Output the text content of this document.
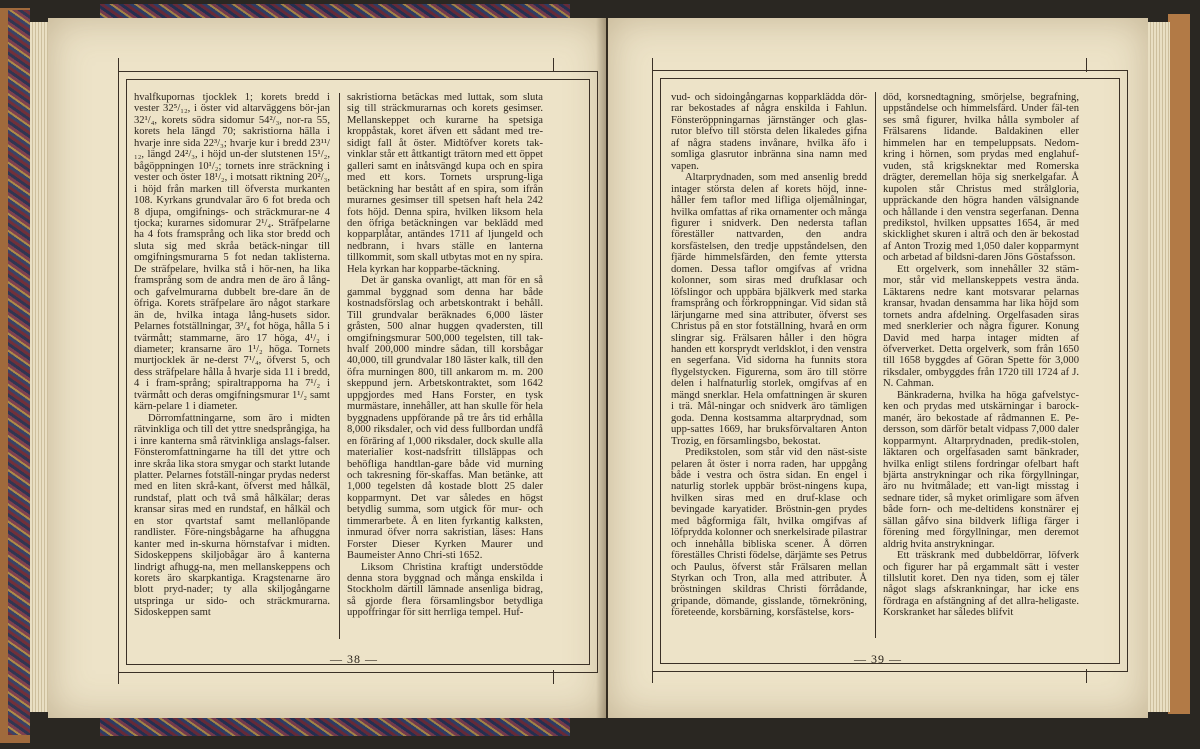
hvalfkupornas tjocklek 1; korets bredd i vester 32⁵/₁₂, i öster vid altarväggens bör-jan 32¹/₄, korets södra sidomur 54²/₃, nor-ra 55, korets hela längd 70; sakristiorna hälla i hvarje inre sida 22³/₃; hvarje kur i bredd 23¹¹/₁₂, längd 24²/₃, i höjd un-der slutstenen 15¹/₂, bågöppningen 10¹/₂; tornets inre sträckning i vester och öster 18¹/₂, i motsatt riktning 20²/₃, i höjd från marken till öfversta murkanten 108. Kyrkans grundvalar äro 6 fot breda och 8 djupa, omgifnings- och sträckmurar-ne 4 tjocka; kurarnes sidomurar 2¹/₄. Sträfpelarne ha 4 fots framsprång och lika stor bredd och sluta sig med skråa betäck-ningar till omgifningsmurarna 5 fot nedan taklisterna. De sträfpelare, hvilka stå i hör-nen, ha lika framsprång som de andra men de äro å lång- och gafvelmurarna dubbelt bre-dare än de öfriga. Korets sträfpelare äro något starkare än de, hvilka intaga lång-husets sidor. Pelarnes fotställningar, 3³/₄ fot höga, hålla 5 i tvärmått; stammarne, äro 17 höga, 4¹/₂ i diameter; kransarne äro 1¹/₂ höga. Tornets murtjocklek är ne-derst 7¹/₄, öfverst 5, och dess sträfpelare hålla å hvarje sida 11 i bredd, 4 i fram-språng; spiraltrapporna ha 7¹/₂ i tvärmått och deras omgifningsmurar 1¹/₂ samt kärn-pelare 1 i diameter.

Dörromfattningarne, som äro i midten rätvinkliga och till det yttre snedsprångiga, ha i inre kanterna små rätvinkliga anslags-falser. Fönsteromfattningarne ha till det yttre och inre skråa lika stora smygar och starkt lutande platter. Pelarnes fotställ-ningar prydas nederst med en liten skrå-kant, öfverst med hålkäl, rundstaf, platt och två små hålkälar; deras kransar siras med en rundstaf, en hålkäl och en stor qvartstaf samt mellanlöpande randlister. Före-ningsbågarne ha afhuggna kanter med in-skurna hörnstafvar i midten. Sidoskeppens skiljobågar äro å kanterna lindrigt afhugg-na, men mellanskeppens och korets äro skarpkantiga. Kragstenarne äro blott pryd-nader; ty alla skiljogångarne utspringa ur sido- och sträckmurarna. Sidoskeppen samt

sakristiorna betäckas med luttak, som sluta sig till sträckmurarnas och korets gesimser. Mellanskeppet och kurarne ha spetsiga kroppåstak, koret äfven ett sådant med tre-sidigt fall åt öster. Midtöfver korets tak-vinklar står ett åttkantigt trätorn med ett öppet galleri samt en inåtsvängd kupa och en spira med ett kors. Tornets ursprung-liga betäckning har bestått af en spira, som ifrån murarnes gesimser till spetsen haft hela 242 fots höjd. Denna spira, hvilken liksom hela den öfriga betäckningen var beklädd med kopparplåtar, antändes 1711 af ljungeld och nedbrann, i hvars ställe en lanterna tillkommit, som skall utbytas mot en ny spira. Hela kyrkan har kopparbe-täckning.

Det är ganska ovanligt, att man för en så gammal byggnad som denna har både kostnadsförslag och arbetskontrakt i behåll. Till grundvalar beräknades 6,000 läster gråsten, 500 alnar huggen qvadersten, till omgifningsmurar 500,000 tegelsten, till tak-hvalf 200,000 mindre sådan, till korsbågar 40,000, till grundvalar 180 läster kalk, till den öfra murningen 800, till ankarom m. m. 200 skeppund jern. Arbetskontraktet, som 1642 uppgjordes med Hans Forster, en tysk murmästare, innehåller, att han skulle för hela byggnadens uppförande på tre års tid erhålla 8,000 riksdaler, och vid dess fullbordan undfå en förāring af 1,000 riksdaler, dock skulle alla materialier kost-nadsfritt tillsläppas och behöfliga handtlan-gare både vid murning och takresning för-skaffas. Man betänke, att 1,000 tegelsten då kostade blott 25 daler kopparmynt. Det var således en högst betydlig summa, som utgick för mur- och timmerarbete. Å en liten fyrkantig kalksten, inmurad öfver norra sakristian, läses: Hans Forster Dieser Kyrken Maurer und Baumeister Anno Chri-sti 1652.

Liksom Christina kraftigt understödde denna stora byggnad och många enskilda i Stockholm därtill lämnade ansenliga bidrag, så gjorde flera församlingsbor betydliga uppoffringar för sitt herrliga tempel. Huf-

— 38 —

vud- och sidoingångarnas kopparklädda dör-rar bekostades af några enskilda i Fahlun. Fönsteröppningarnas järnstänger och glas-rutor blefvo till största delen likaledes gifna af några stadens invånare, hvilka äfo i somliga glasrutor inbränna sina namn med vapen.

Altarprydnaden, som med ansenlig bredd intager största delen af korets höjd, inne-håller fem taflor med lifliga oljemålningar, hvilka omfattas af rika ornamenter och många figurer i snidverk. Den nedersta taflan föreställer nattvarden, den andra korsfästelsen, den tredje uppståndelsen, den fjärde himmelsfärden, den femte yttersta domen. Dessa taflor omgifvas af vridna kolonner, som siras med drufklasar och löfslingor och uppbära bjälkverk med starka framsprång och förkroppningar. Vid sidan stå lärjungarne med sina attributer, öfverst ses Christus på en stor fotställning, hvarå en orm slingrar sig. Frälsaren håller i den högra handen ett korsprydt verldsklot, i den venstra en segerfana. Vid sidorna ha funnits stora flygelstycken. Figurerna, som äro till större delen i halfnaturlig storlek, omgifvas af en mängd snerklar. Hela omfattningen är skuren i trä. Mål-ningar och snidverk äro tämligen goda. Denna kostsamma altarprydnad, som upp-sattes 1669, har bruksförvaltaren Anton Trozig, en församlingsbo, bekostat.

Predikstolen, som står vid den näst-siste pelaren åt öster i norra raden, har uppgång både i vestra och östra sidan. En engel i naturlig storlek uppbär bröst-ningens kupa, hvilken siras med en druf-klase och bevingade karyatider. Bröstnin-gen prydes med bågformiga fält, hvilka omgifvas af löfprydda kolonner och snerkelsirade pilastrar och innehålla bibliska scener. Å dörren föreställes Christi födelse, därjämte ses Petrus och Paulus, öfverst står Frälsaren mellan Styrkan och Tron, alla med attributer. Å bröstningen skildras Christi förrådande, gripande, dömande, gisslande, törnekröning, företeende, korsbärning, korsfästelse, kors-

död, korsnedtagning, smörjelse, begrafning, uppståndelse och himmelsfärd. Under fäl-ten ses små figurer, hvilka hålla symboler af Frälsarens lidande. Baldakinen eller himmelen har en tempeluppsats. Nedom-kring i hörnen, som prydas med englahuf-vuden, stå krigsknektar med Romerska drägter, deremellan höja sig snerkelgafar. Å kupolen står Christus med strålgloria, uppräckande den högra handen välsignande och hållande i den venstra segerfanan. Denna predikstol, hvilken uppsattes 1654, är med skicklighet skuren i altrā och den är bekostad af Anton Trozig med 1,050 daler kopparmynt och arbetad af bildsni-daren Jöns Göstafsson.

Ett orgelverk, som innehåller 32 stäm-mor, står vid mellanskeppets vestra ända. Läktarens nedre kant motsvarar pelarnas kransar, hvadan densamma har lika höjd som tornets andra afdelning. Orgelfasaden siras med snerklerier och några figurer. Konung David med harpa intager midten af öfververket. Detta orgelverk, som från 1650 till 1658 byggdes af Göran Spette för 3,000 riksdaler, ombyggdes från 1720 till 1724 af J. N. Cahman.

Bänkraderna, hvilka ha höga gafvelstyc-ken och prydas med utskärningar i barock-manér, äro bekostade af rådmannen E. Pe-dersson, som därför betalt vidpass 7,000 daler kopparmynt. Altarprydnaden, predik-stolen, läktaren och orgelfasaden samt bänkrader, hvilka enligt stilens fordringar ofelbart haft bjärta anstrykningar och rika förgyllningar, äro nu hvitmålade; ett van-ligt misstag i sednare tider, så myket orimligare som äfven både forn- och me-deltidens konstnärer ej sällan gåfvo sina bildverk lifliga färger i förening med förgyllningar, men deremot aldrig hvita anstrykningar.

Ett träskrank med dubbeldörrar, löfverk och figurer har på ergammalt sätt i vester tillslutit koret. Den nya tiden, som ej täler något slags afskrankningar, har icke ens fördraga en afstängning af det allra-heligaste. Korskranket har således blifvit

— 39 —
